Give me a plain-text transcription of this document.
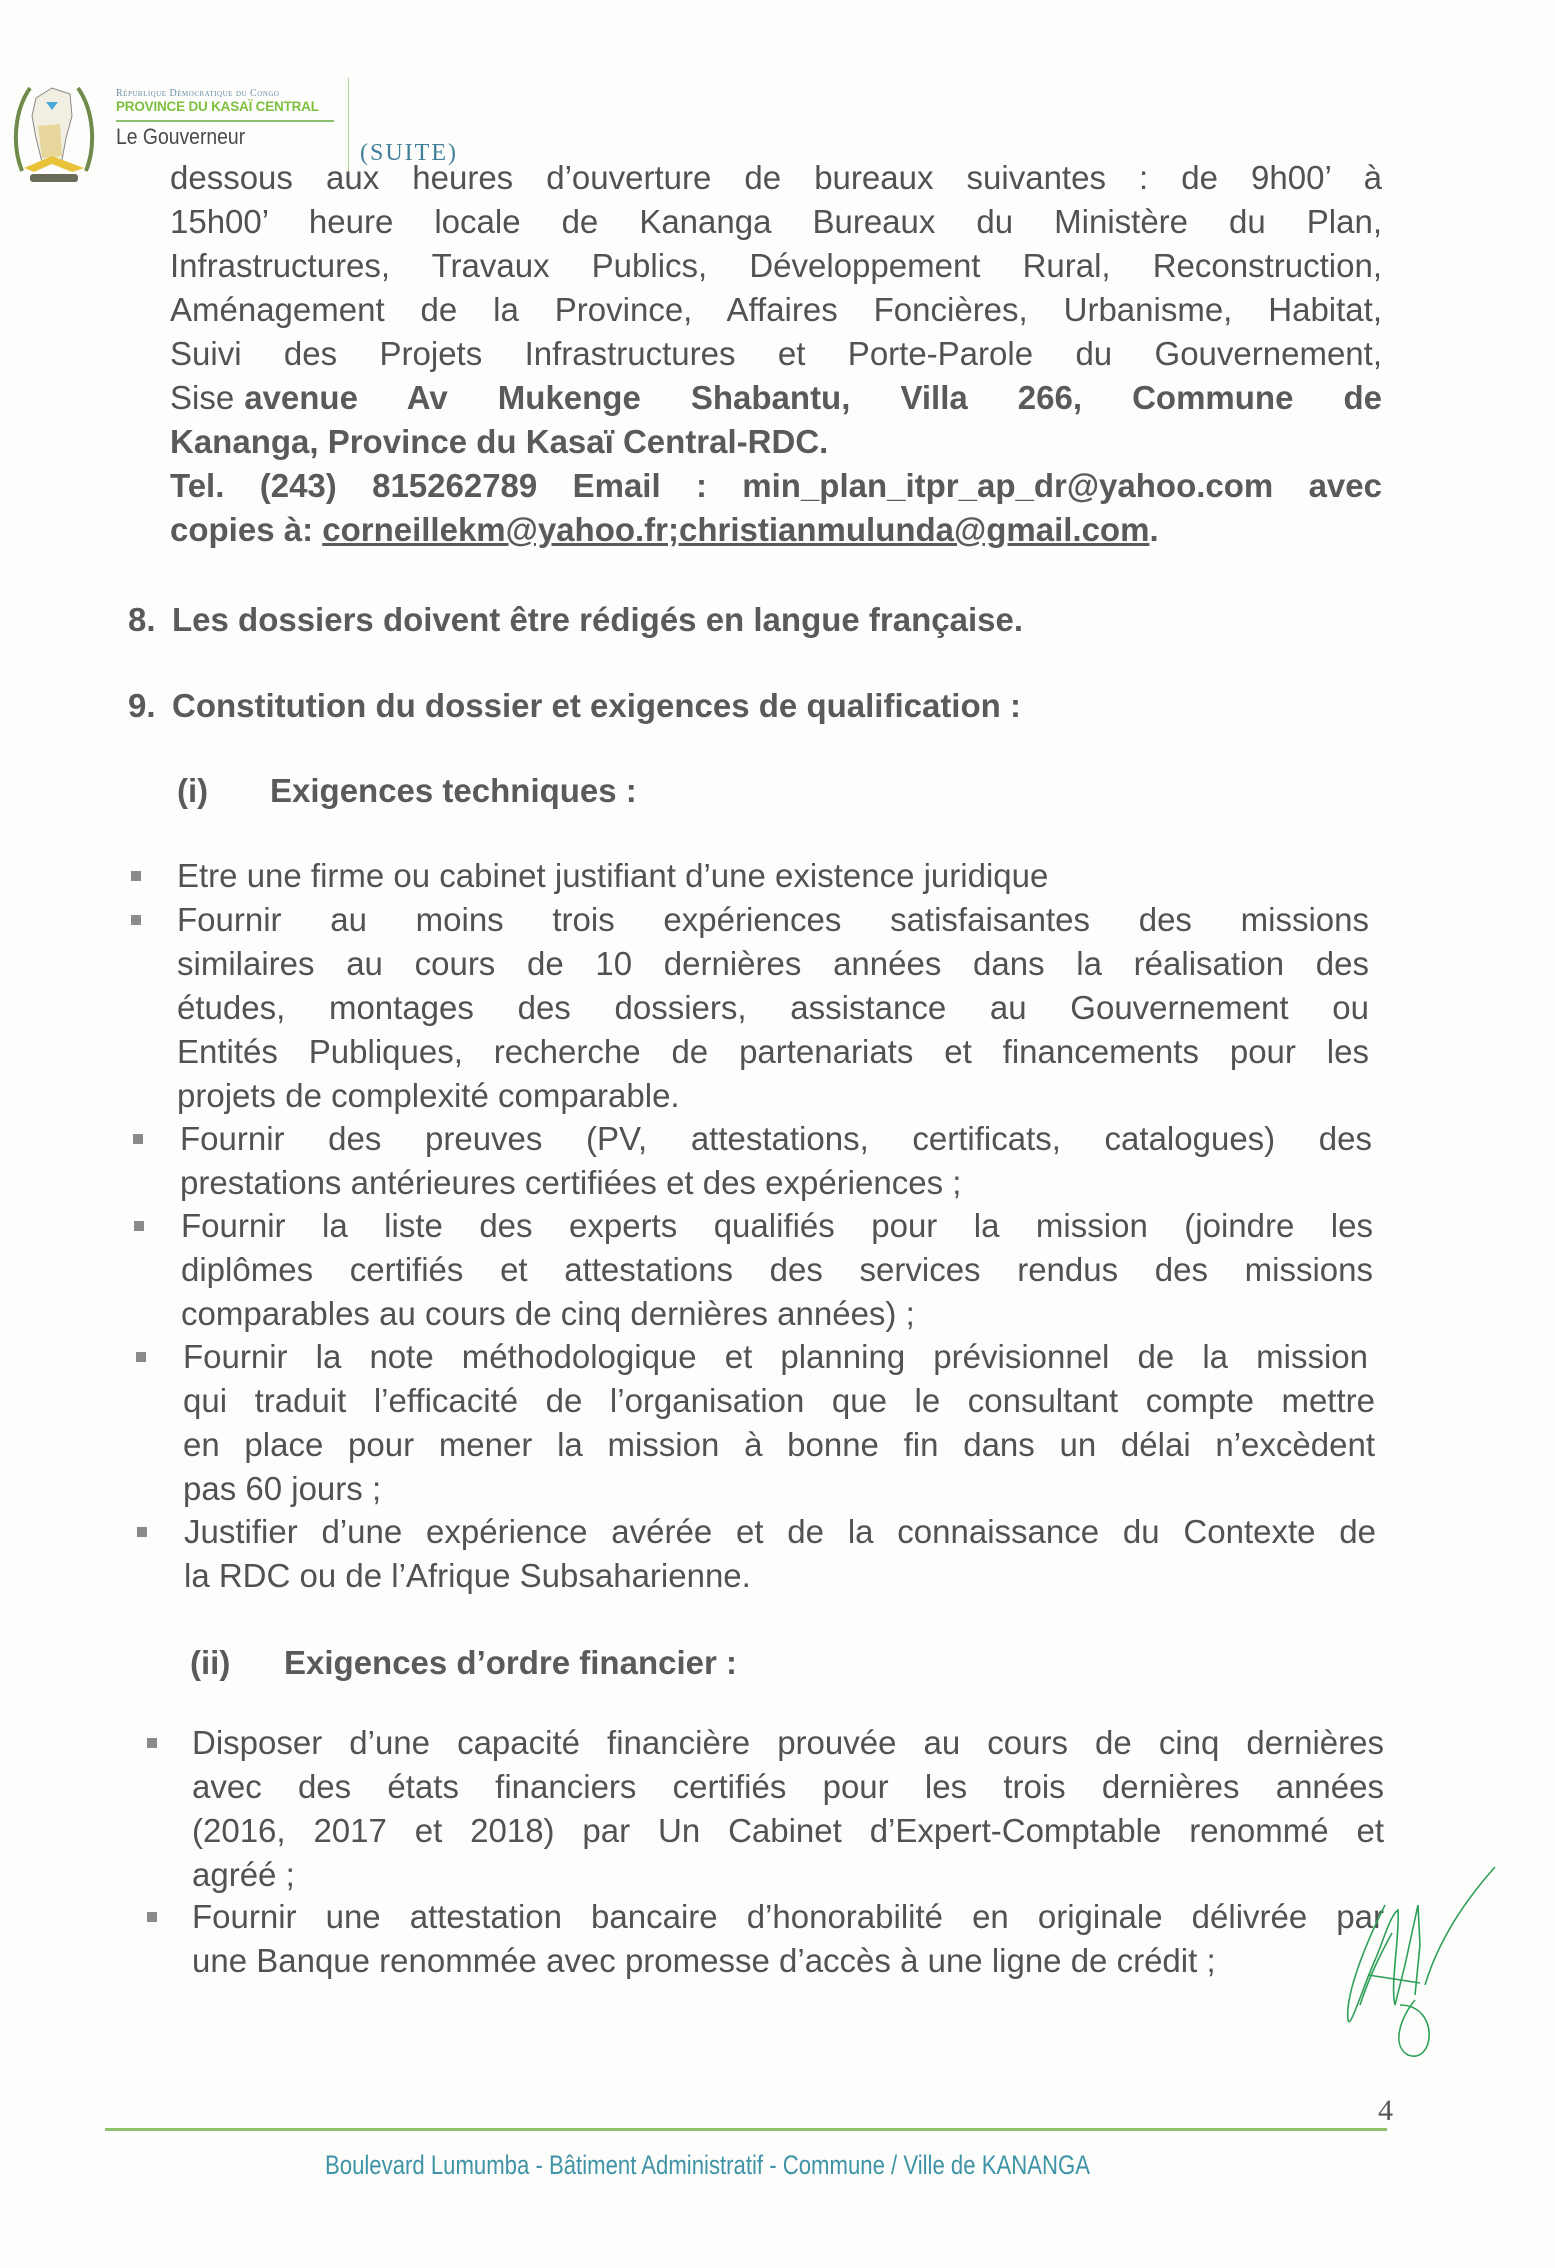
République Démocratique du Congo
PROVINCE DU KASAÏ CENTRAL
Le Gouverneur
(SUITE)
dessous aux heures d’ouverture de bureaux suivantes : de 9h00’ à
15h00’ heure locale de Kananga Bureaux du Ministère du Plan,
Infrastructures, Travaux Publics, Développement Rural, Reconstruction,
Aménagement de la Province, Affaires Foncières, Urbanisme, Habitat,
Suivi des Projets Infrastructures et Porte-Parole du Gouvernement,
Sise avenue Av Mukenge Shabantu, Villa 266, Commune de
Kananga, Province du Kasaï Central-RDC.
Tel. (243) 815262789 Email : min_plan_itpr_ap_dr@yahoo.com avec
copies à: corneillekm@yahoo.fr;christianmulunda@gmail.com.
8. Les dossiers doivent être rédigés en langue française.
9. Constitution du dossier et exigences de qualification :
(i) Exigences techniques :
Etre une firme ou cabinet justifiant d’une existence juridique
Fournir au moins trois expériences satisfaisantes des missions
similaires au cours de 10 dernières années dans la réalisation des
études, montages des dossiers, assistance au Gouvernement ou
Entités Publiques, recherche de partenariats et financements pour les
projets de complexité comparable.
Fournir des preuves (PV, attestations, certificats, catalogues) des
prestations antérieures certifiées et des expériences ;
Fournir la liste des experts qualifiés pour la mission (joindre les
diplômes certifiés et attestations des services rendus des missions
comparables au cours de cinq dernières années) ;
Fournir la note méthodologique et planning prévisionnel de la mission
qui traduit l’efficacité de l’organisation que le consultant compte mettre
en place pour mener la mission à bonne fin dans un délai n’excèdent
pas 60 jours ;
Justifier d’une expérience avérée et de la connaissance du Contexte de
la RDC ou de l’Afrique Subsaharienne.
(ii) Exigences d’ordre financier :
Disposer d’une capacité financière prouvée au cours de cinq dernières
avec des états financiers certifiés pour les trois dernières années
(2016, 2017 et 2018) par Un Cabinet d’Expert-Comptable renommé et
agréé ;
Fournir une attestation bancaire d’honorabilité en originale délivrée par
une Banque renommée avec promesse d’accès à une ligne de crédit ;
4
Boulevard Lumumba - Bâtiment Administratif - Commune / Ville de KANANGA
